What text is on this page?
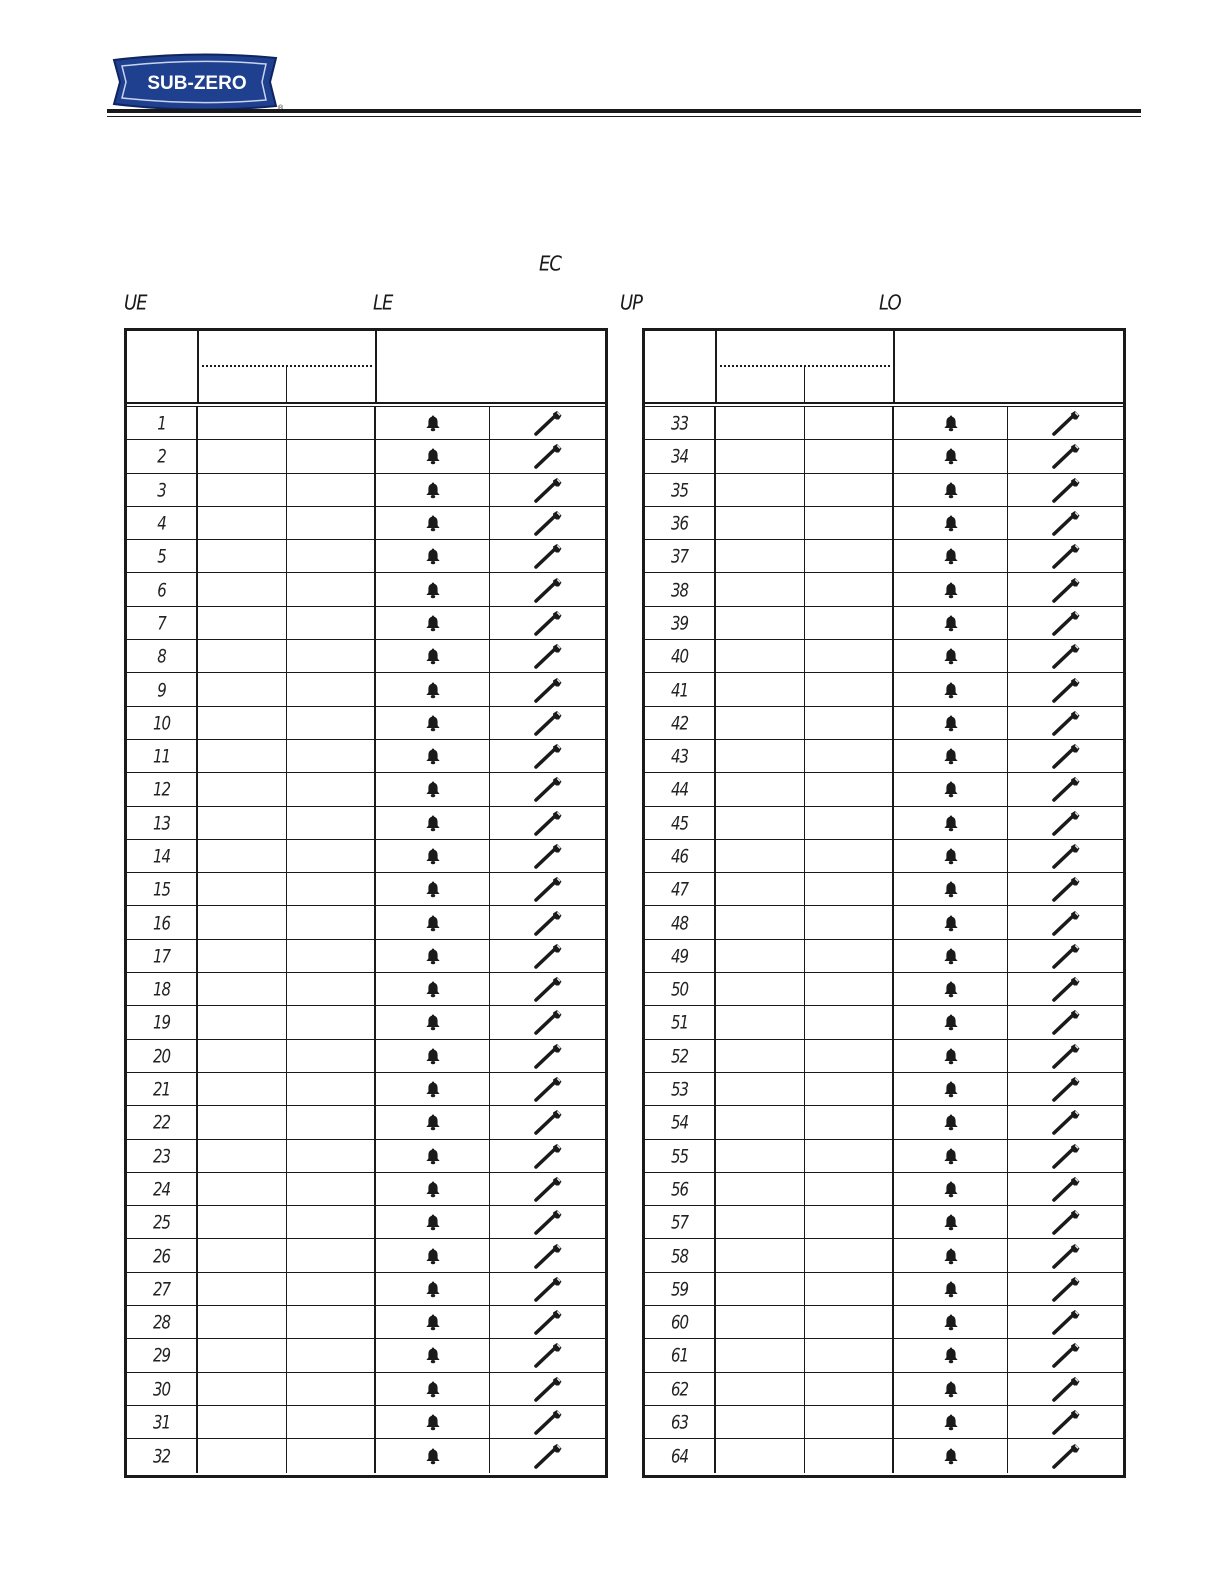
SUB-ZERO
EC
UE	LE	UP	LO
1
2
3
4
5
6
7
8
9
10
11
12
13
14
15
16
17
18
19
20
21
22
23
24
25
26
27
28
29
30
31
32
33
34
35
36
37
38
39
40
41
42
43
44
45
46
47
48
49
50
51
52
53
54
55
56
57
58
59
60
61
62
63
64
